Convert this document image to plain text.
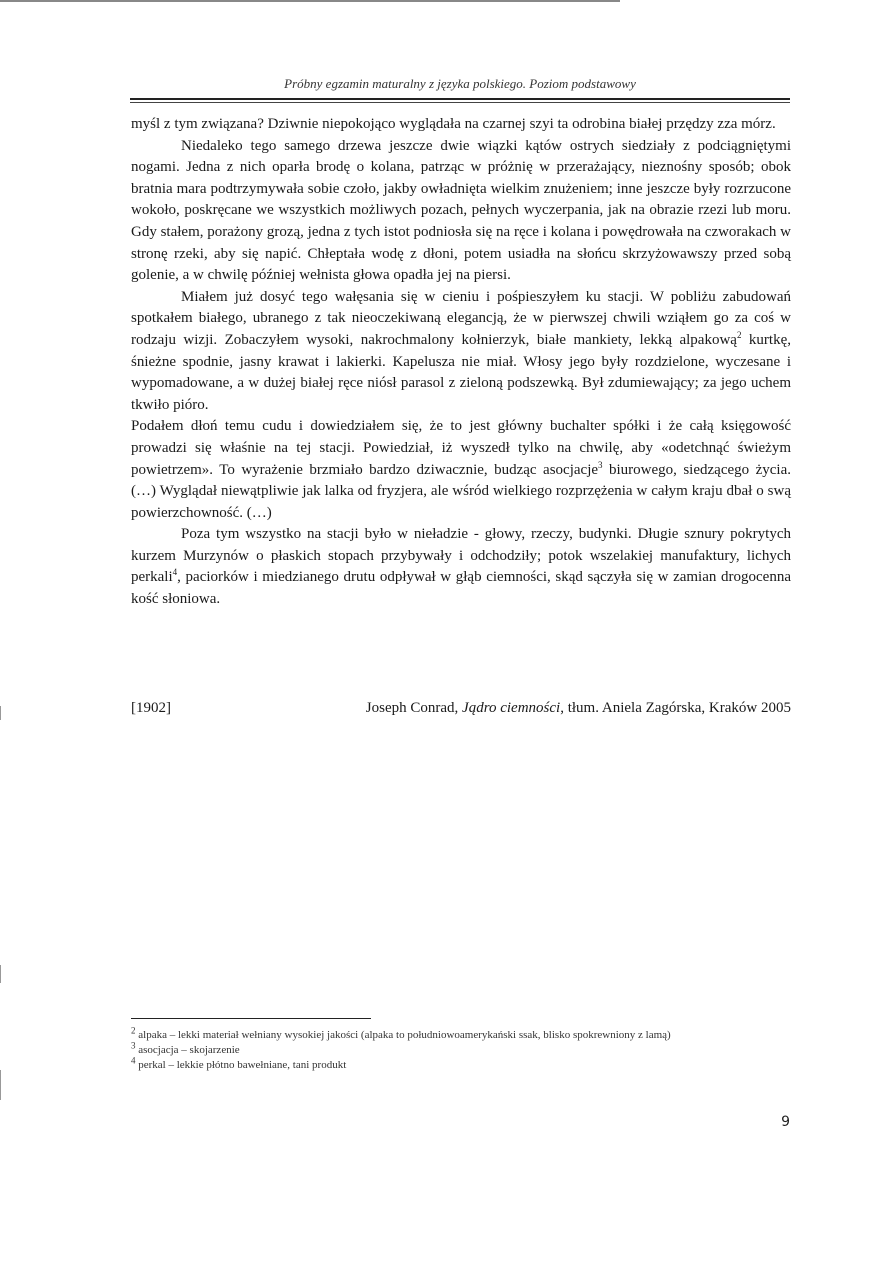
Próbny egzamin maturalny z języka polskiego. Poziom podstawowy

myśl z tym związana? Dziwnie niepokojąco wyglądała na czarnej szyi ta odrobina białej przędzy zza mórz.

Niedaleko tego samego drzewa jeszcze dwie wiązki kątów ostrych siedziały z podciągniętymi nogami. Jedna z nich oparła brodę o kolana, patrząc w próżnię w przerażający, nieznośny sposób; obok bratnia mara podtrzymywała sobie czoło, jakby owładnięta wielkim znużeniem; inne jeszcze były rozrzucone wokoło, poskręcane we wszystkich możliwych pozach, pełnych wyczerpania, jak na obrazie rzezi lub moru. Gdy stałem, porażony grozą, jedna z tych istot podniosła się na ręce i kolana i powędrowała na czworakach w stronę rzeki, aby się napić. Chłeptała wodę z dłoni, potem usiadła na słońcu skrzyżowawszy przed sobą golenie, a w chwilę później wełnista głowa opadła jej na piersi.

Miałem już dosyć tego wałęsania się w cieniu i pośpieszyłem ku stacji. W pobliżu zabudowań spotkałem białego, ubranego z tak nieoczekiwaną elegancją, że w pierwszej chwili wziąłem go za coś w rodzaju wizji. Zobaczyłem wysoki, nakrochmalony kołnierzyk, białe mankiety, lekką alpakową$^2$ kurtkę, śnieżne spodnie, jasny krawat i lakierki. Kapelusza nie miał. Włosy jego były rozdzielone, wyczesane i wypomadowane, a w dużej białej ręce niósł parasol z zieloną podszewką. Był zdumiewający; za jego uchem tkwiło pióro.

Podałem dłoń temu cudu i dowiedziałem się, że to jest główny buchalter spółki i że całą księgowość prowadzi się właśnie na tej stacji. Powiedział, iż wyszedł tylko na chwilę, aby «odetchnąć świeżym powietrzem». To wyrażenie brzmiało bardzo dziwacznie, budząc asocjacje$^3$ biurowego, siedzącego życia. (…) Wyglądał niewątpliwie jak lalka od fryzjera, ale wśród wielkiego rozprzężenia w całym kraju dbał o swą powierzchowność. (…)

Poza tym wszystko na stacji było w nieładzie - głowy, rzeczy, budynki. Długie sznury pokrytych kurzem Murzynów o płaskich stopach przybywały i odchodziły; potok wszelakiej manufaktury, lichych perkali$^4$, paciorków i miedzianego drutu odpływał w głąb ciemności, skąd sączyła się w zamian drogocenna kość słoniowa.

[1902]	Joseph Conrad, Jądro ciemności, tłum. Aniela Zagórska, Kraków 2005

$^2$ alpaka – lekki materiał wełniany wysokiej jakości (alpaka to południowoamerykański ssak, blisko spokrewniony z lamą)

$^3$ asocjacja – skojarzenie

$^4$ perkal – lekkie płótno bawełniane, tani produkt

9
